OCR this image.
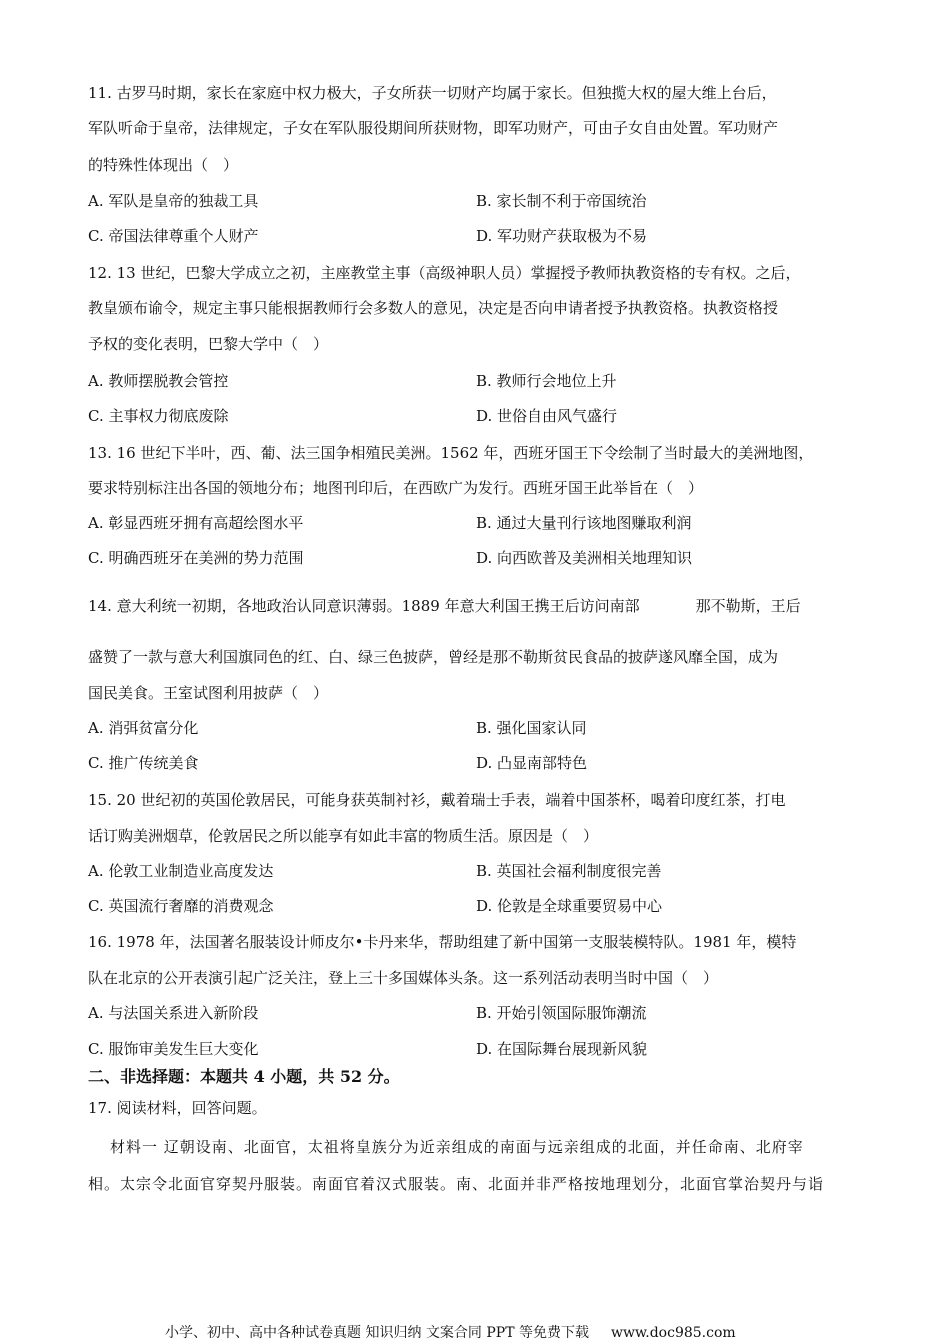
11. 古罗马时期，家长在家庭中权力极大，子女所获一切财产均属于家长。但独揽大权的屋大维上台后，
军队听命于皇帝，法律规定，子女在军队服役期间所获财物，即军功财产，可由子女自由处置。军功财产
的特殊性体现出（　）
A. 军队是皇帝的独裁工具	B. 家长制不利于帝国统治
C. 帝国法律尊重个人财产	D. 军功财产获取极为不易
12. 13 世纪，巴黎大学成立之初，主座教堂主事（高级神职人员）掌握授予教师执教资格的专有权。之后，
教皇颁布谕令，规定主事只能根据教师行会多数人的意见，决定是否向申请者授予执教资格。执教资格授
予权的变化表明，巴黎大学中（　）
A. 教师摆脱教会管控	B. 教师行会地位上升
C. 主事权力彻底废除	D. 世俗自由风气盛行
13. 16 世纪下半叶，西、葡、法三国争相殖民美洲。1562 年，西班牙国王下令绘制了当时最大的美洲地图，
要求特别标注出各国的领地分布；地图刊印后，在西欧广为发行。西班牙国王此举旨在（　）
A. 彰显西班牙拥有高超绘图水平	B. 通过大量刊行该地图赚取利润
C. 明确西班牙在美洲的势力范围	D. 向西欧普及美洲相关地理知识
14. 意大利统一初期，各地政治认同意识薄弱。1889 年意大利国王携王后访问南部	那不勒斯，王后
盛赞了一款与意大利国旗同色的红、白、绿三色披萨，曾经是那不勒斯贫民食品的披萨遂风靡全国，成为
国民美食。王室试图利用披萨（　）
A. 消弭贫富分化	B. 强化国家认同
C. 推广传统美食	D. 凸显南部特色
15. 20 世纪初的英国伦敦居民，可能身获英制衬衫，戴着瑞士手表，端着中国茶杯，喝着印度红茶，打电
话订购美洲烟草，伦敦居民之所以能享有如此丰富的物质生活。原因是（　）
A. 伦敦工业制造业高度发达	B. 英国社会福利制度很完善
C. 英国流行奢靡的消费观念	D. 伦敦是全球重要贸易中心
16. 1978 年，法国著名服装设计师皮尔•卡丹来华，帮助组建了新中国第一支服装模特队。1981 年，模特
队在北京的公开表演引起广泛关注，登上三十多国媒体头条。这一系列活动表明当时中国（　）
A. 与法国关系进入新阶段	B. 开始引领国际服饰潮流
C. 服饰审美发生巨大变化	D. 在国际舞台展现新风貌
二、非选择题：本题共 4 小题，共 52 分。
17. 阅读材料，回答问题。
材料一 辽朝设南、北面官，太祖将皇族分为近亲组成的南面与远亲组成的北面，并任命南、北府宰
相。太宗令北面官穿契丹服装。南面官着汉式服装。南、北面并非严格按地理划分，北面官掌治契丹与诣
小学、初中、高中各种试卷真题 知识归纳 文案合同 PPT 等免费下载 www.doc985.com
